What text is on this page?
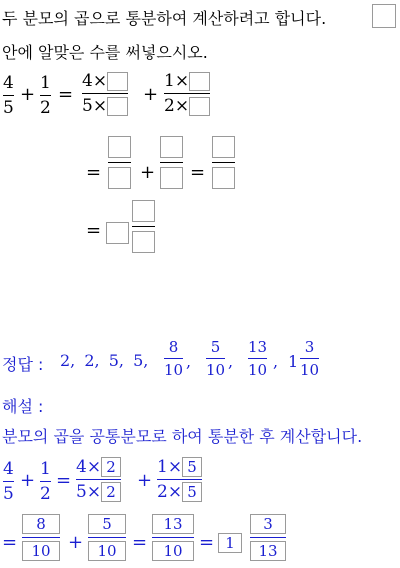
두 분모의 곱으로 통분하여 계산하려고 합니다.
안에 알맞은 수를 써넣으시오.
4
5
+
1
2
=
4×
5×
+
1×
2×
= + =
=
정답 : 2, 2, 5, 5,
8
10 ,
5
10 ,
13
10 , 1
3
10
해설 :
분모의 곱을 공통분모로 하여 통분한 후 계산합니다.
4
5
+
1
2
=
4× 2
5× 2
+
1× 5
2× 5
= $\frac{8}{10} + \frac{5}{10} = \frac{13}{10} = 1$	$\frac{3}{13}$
